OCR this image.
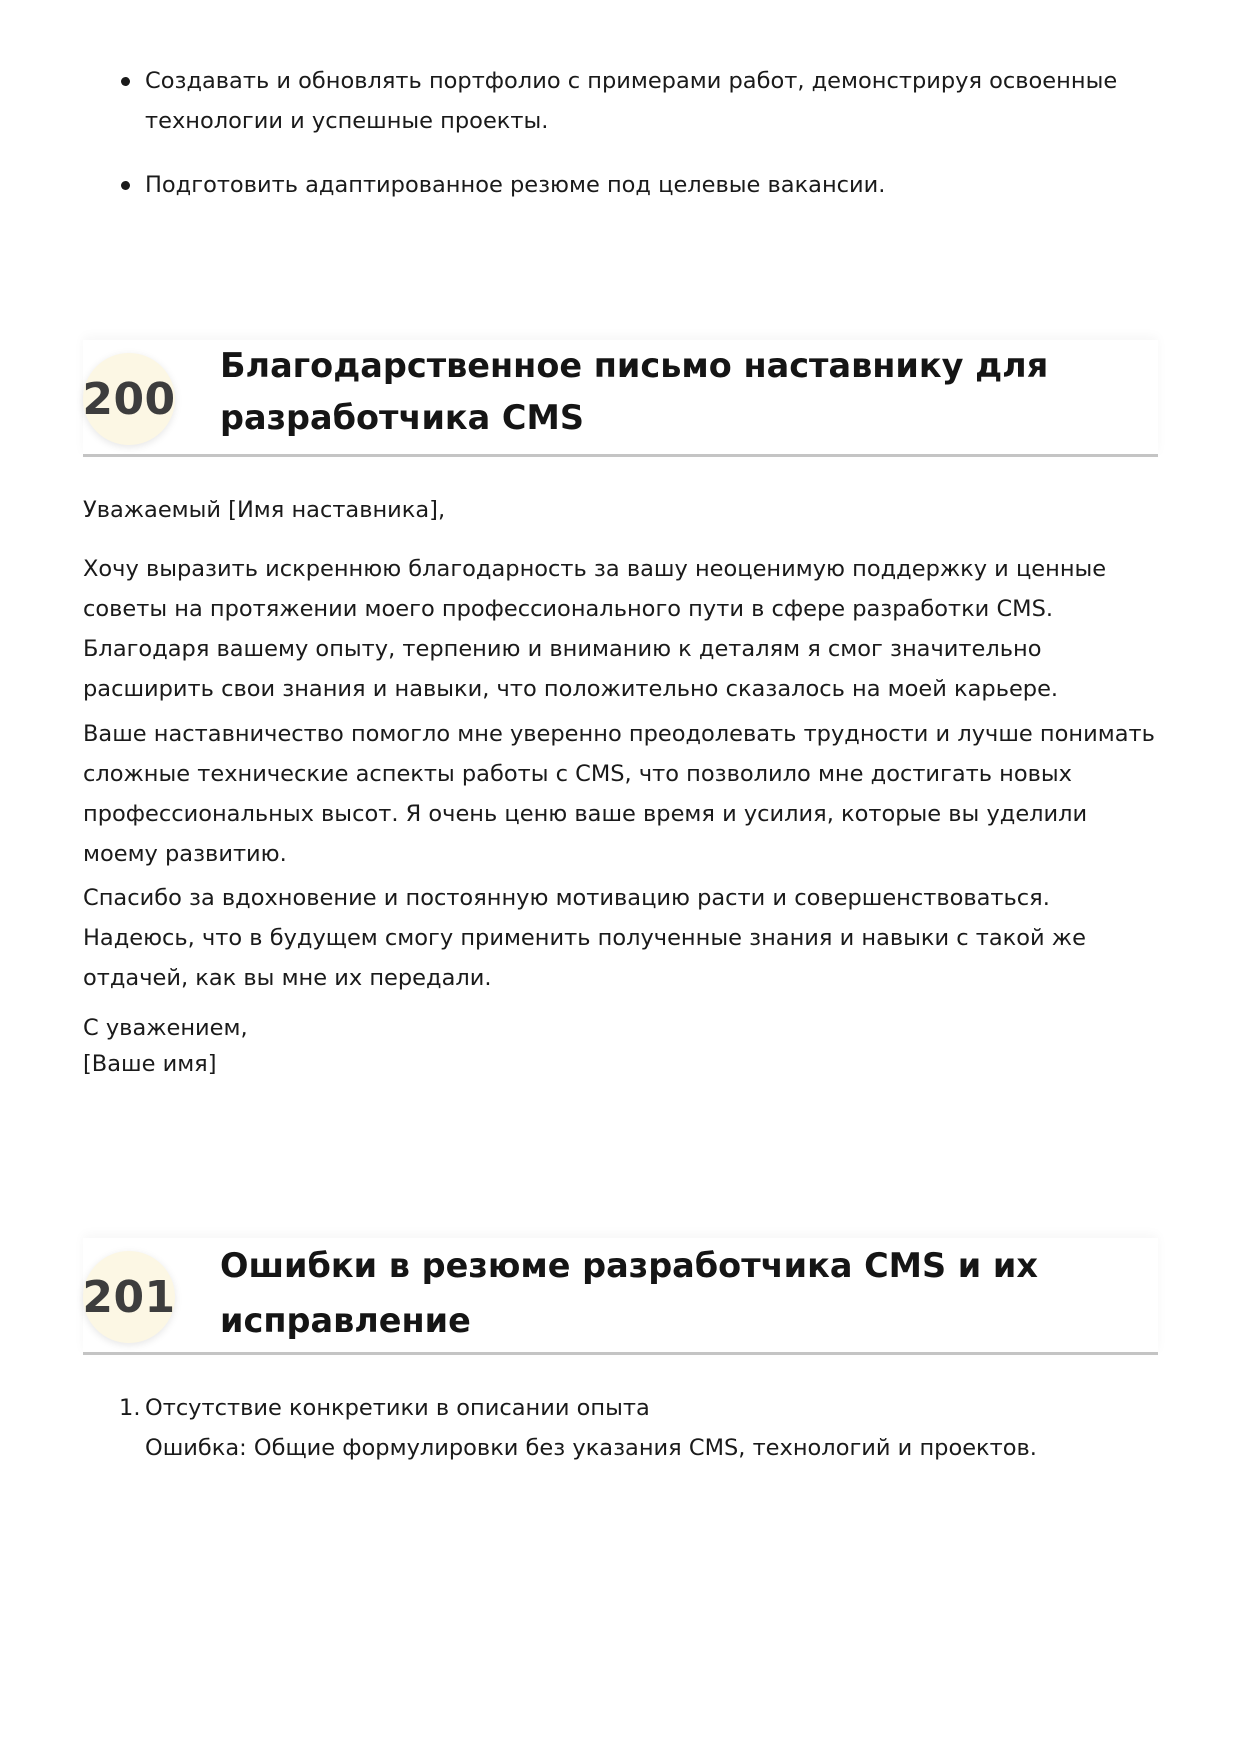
Создавать и обновлять портфолио с примерами работ, демонстрируя освоенные технологии и успешные проекты.
Подготовить адаптированное резюме под целевые вакансии.
200
Благодарственное письмо наставнику для
разработчика CMS

Уважаемый [Имя наставника],

Хочу выразить искреннюю благодарность за вашу неоценимую поддержку и ценные советы на протяжении моего профессионального пути в сфере разработки CMS. Благодаря вашему опыту, терпению и вниманию к деталям я смог значительно расширить свои знания и навыки, что положительно сказалось на моей карьере.

Ваше наставничество помогло мне уверенно преодолевать трудности и лучше понимать сложные технические аспекты работы с CMS, что позволило мне достигать новых профессиональных высот. Я очень ценю ваше время и усилия, которые вы уделили моему развитию.

Спасибо за вдохновение и постоянную мотивацию расти и совершенствоваться. Надеюсь, что в будущем смогу применить полученные знания и навыки с такой же отдачей, как вы мне их передали.

С уважением,

[Ваше имя]

201
Ошибки в резюме разработчика CMS и их
исправление
1. Отсутствие конкретики в описании опыта
Ошибка: Общие формулировки без указания CMS, технологий и проектов.
